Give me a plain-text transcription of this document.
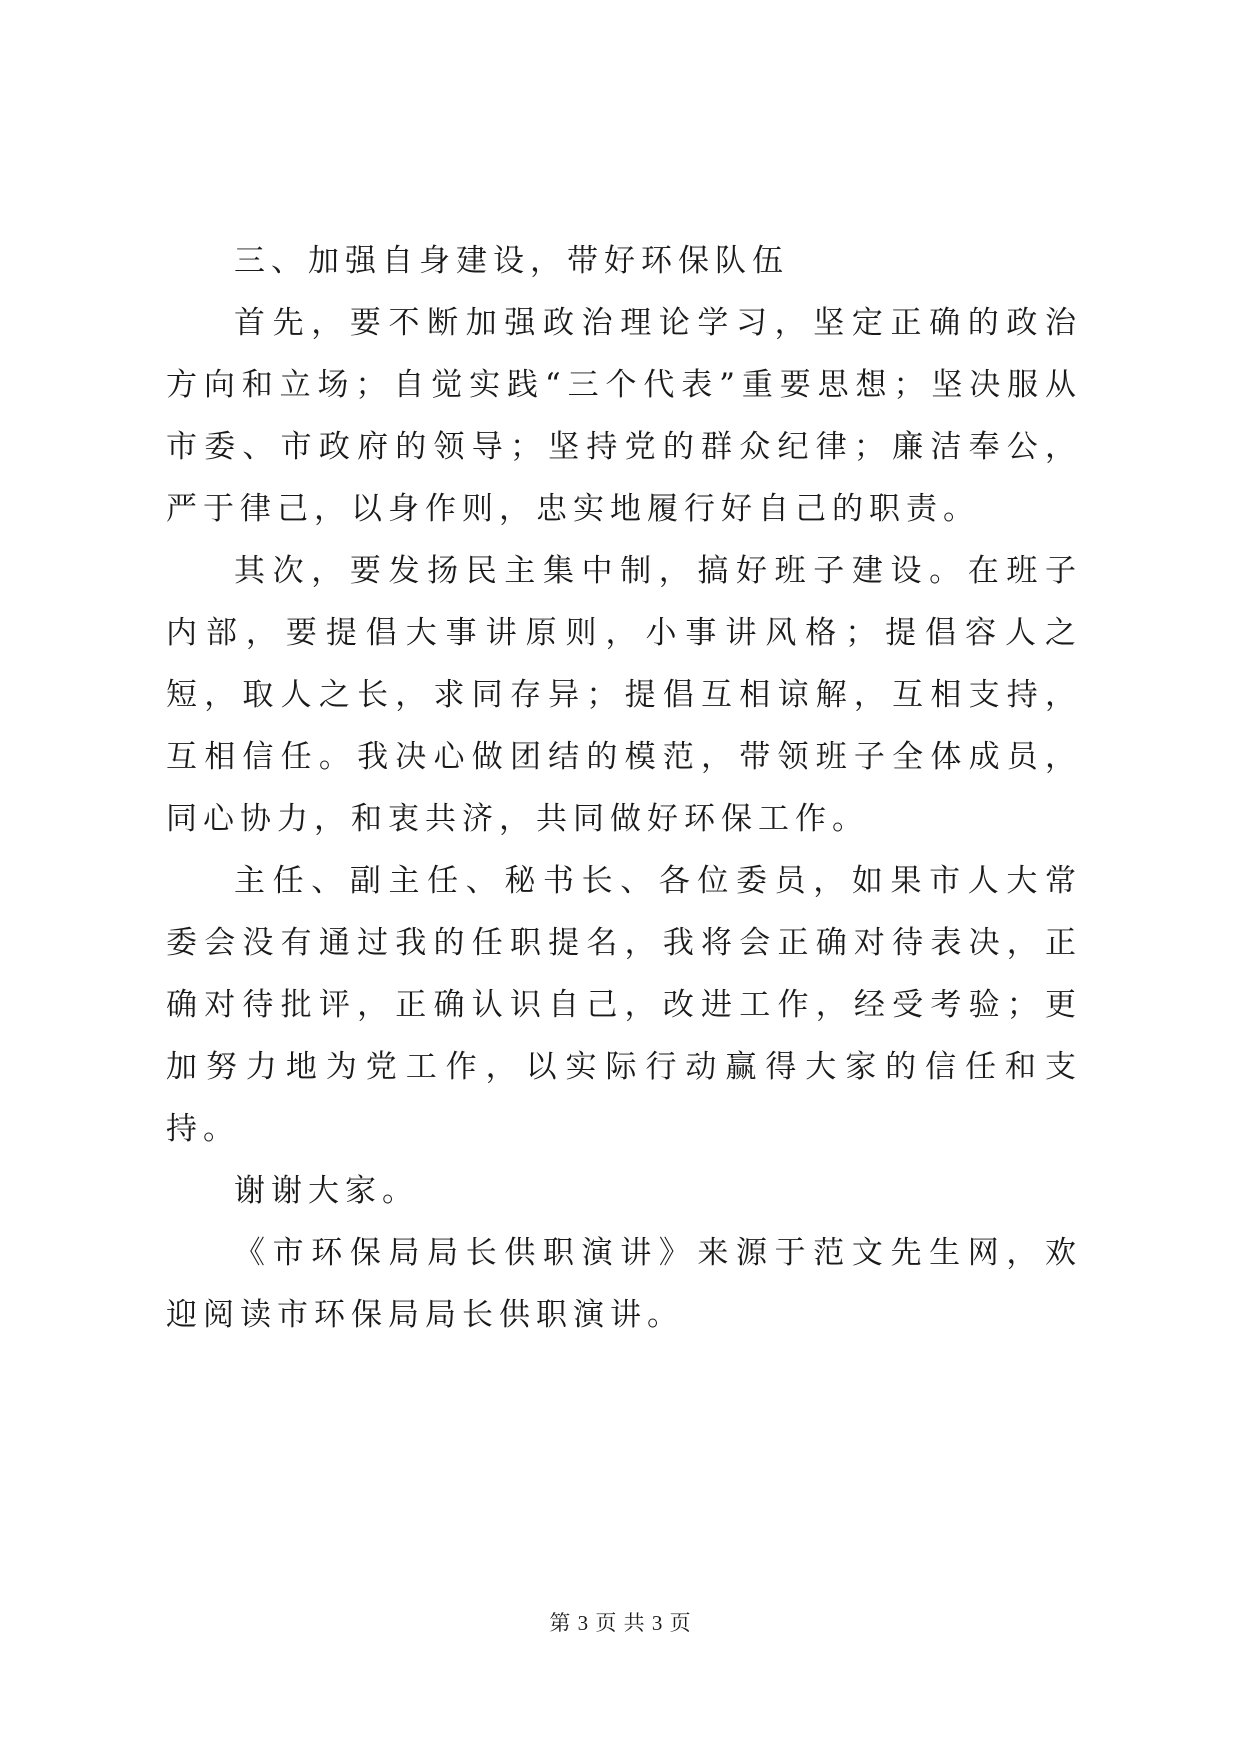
三、加强自身建设，带好环保队伍

首先，要不断加强政治理论学习，坚定正确的政治方向和立场；自觉实践“三个代表”重要思想；坚决服从市委、市政府的领导；坚持党的群众纪律；廉洁奉公，严于律己，以身作则，忠实地履行好自己的职责。

其次，要发扬民主集中制，搞好班子建设。在班子内部，要提倡大事讲原则，小事讲风格；提倡容人之短，取人之长，求同存异；提倡互相谅解，互相支持，互相信任。我决心做团结的模范，带领班子全体成员，同心协力，和衷共济，共同做好环保工作。

主任、副主任、秘书长、各位委员，如果市人大常委会没有通过我的任职提名，我将会正确对待表决，正确对待批评，正确认识自己，改进工作，经受考验；更加努力地为党工作，以实际行动赢得大家的信任和支持。

谢谢大家。

《市环保局局长供职演讲》来源于范文先生网，欢迎阅读市环保局局长供职演讲。

第 3 页 共 3 页
